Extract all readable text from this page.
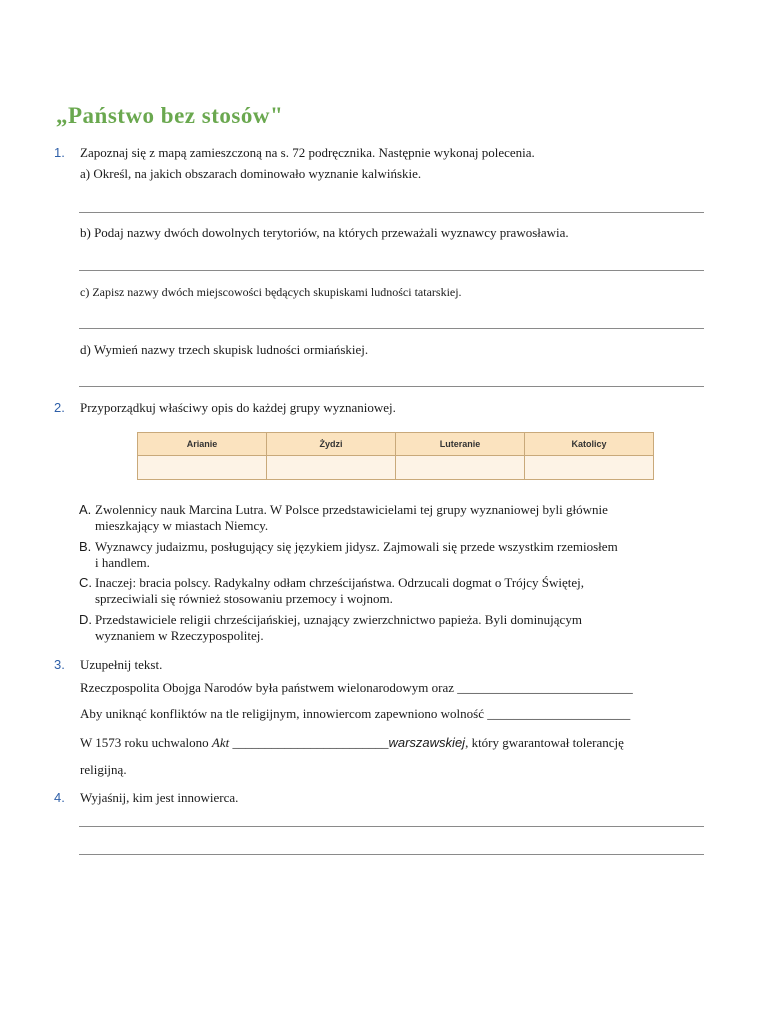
„Państwo bez stosów"
1. Zapoznaj się z mapą zamieszczoną na s. 72 podręcznika. Następnie wykonaj polecenia.
a) Określ, na jakich obszarach dominowało wyznanie kalwińskie.
b) Podaj nazwy dwóch dowolnych terytoriów, na których przeważali wyznawcy prawosławia.
c) Zapisz nazwy dwóch miejscowości będących skupiskami ludności tatarskiej.
d) Wymień nazwy trzech skupisk ludności ormiańskiej.
2. Przyporządkuj właściwy opis do każdej grupy wyznaniowej.
Arianie	Żydzi	Luteranie	Katolicy

A. Zwolennicy nauk Marcina Lutra. W Polsce przedstawicielami tej grupy wyznaniowej byli głównie
mieszkający w miastach Niemcy.
B. Wyznawcy judaizmu, posługujący się językiem jidysz. Zajmowali się przede wszystkim rzemiosłem
i handlem.
C. Inaczej: bracia polscy. Radykalny odłam chrześcijaństwa. Odrzucali dogmat o Trójcy Świętej,
sprzeciwiali się również stosowaniu przemocy i wojnom.
D. Przedstawiciele religii chrześcijańskiej, uznający zwierzchnictwo papieża. Byli dominującym
wyznaniem w Rzeczypospolitej.
3. Uzupełnij tekst.
Rzeczpospolita Obojga Narodów była państwem wielonarodowym oraz ___________________________
Aby uniknąć konfliktów na tle religijnym, innowiercom zapewniono wolność ______________________
W 1573 roku uchwalono Akt ________________________warszawskiej, który gwarantował tolerancję
religijną.
4. Wyjaśnij, kim jest innowierca.
